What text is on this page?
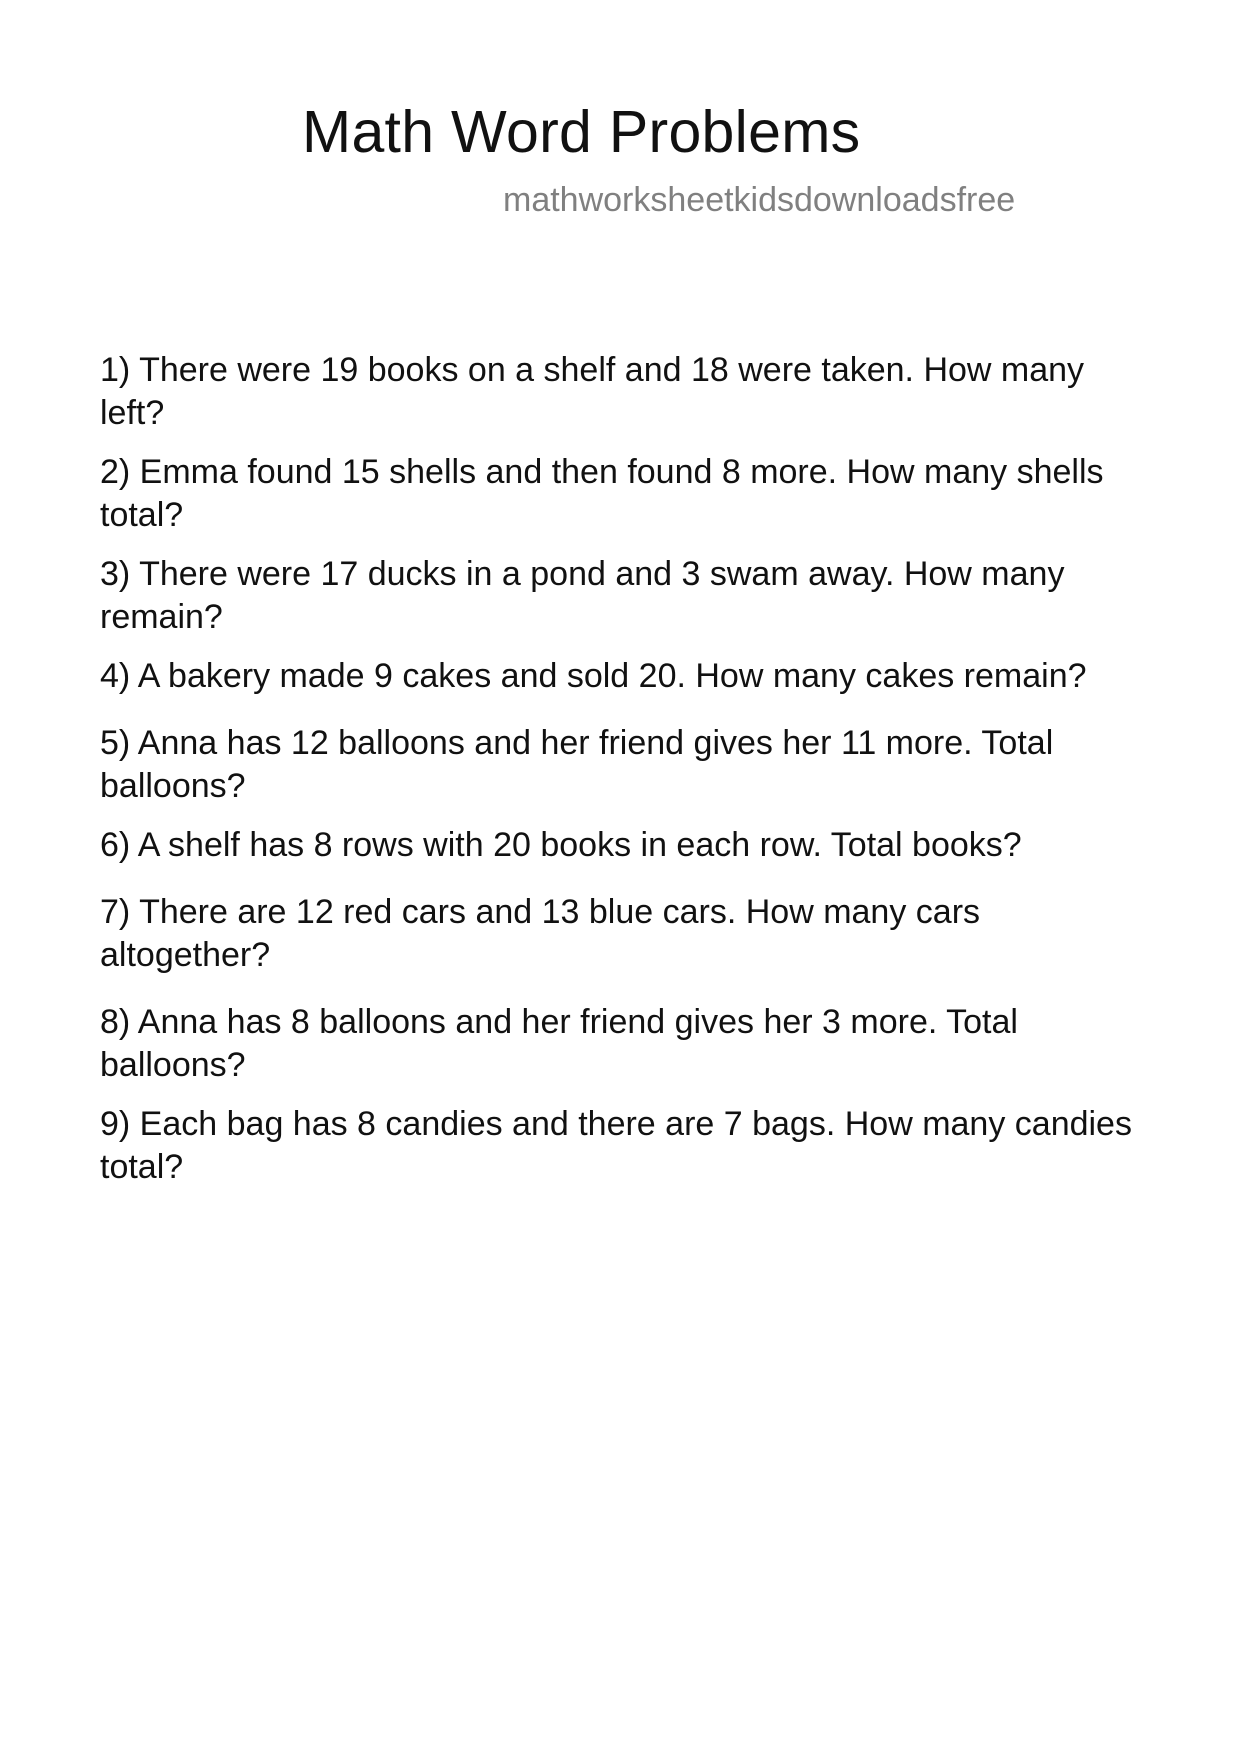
Math Word Problems
mathworksheetkidsdownloadsfree

1) There were 19 books on a shelf and 18 were taken. How many left?

2) Emma found 15 shells and then found 8 more. How many shells total?

3) There were 17 ducks in a pond and 3 swam away. How many remain?

4) A bakery made 9 cakes and sold 20. How many cakes remain?

5) Anna has 12 balloons and her friend gives her 11 more. Total balloons?

6) A shelf has 8 rows with 20 books in each row. Total books?

7) There are 12 red cars and 13 blue cars. How many cars altogether?

8) Anna has 8 balloons and her friend gives her 3 more. Total balloons?

9) Each bag has 8 candies and there are 7 bags. How many candies total?
